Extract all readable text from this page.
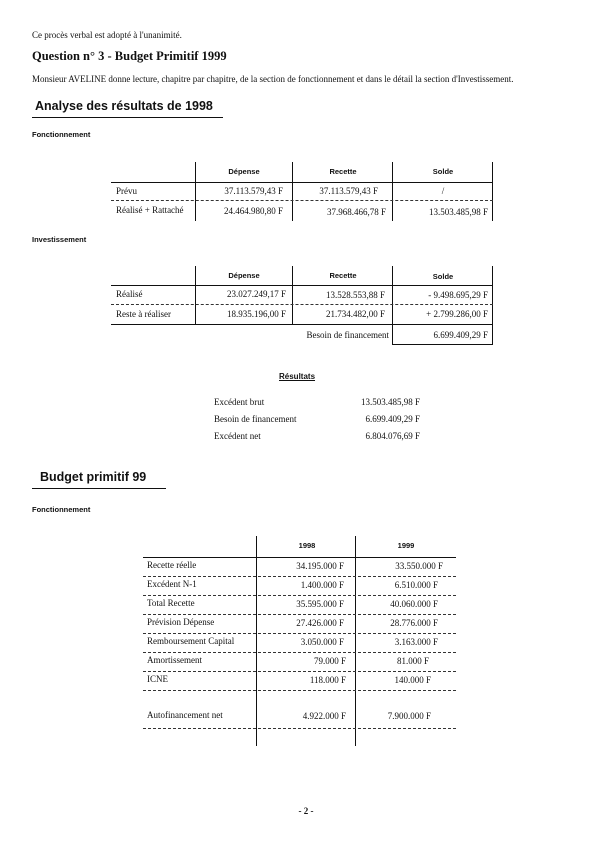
Ce procès verbal est adopté à l'unanimité.
Question n° 3 - Budget Primitif 1999
Monsieur AVELINE donne lecture, chapitre par chapitre, de la section de fonctionnement et dans le détail la section d'Investissement.
Analyse des résultats de 1998
Fonctionnement
Dépense	Recette	Solde
Prévu	37.113.579,43 F	37.113.579,43 F	/
Réalisé + Rattaché	24.464.980,80 F	37.968.466,78 F	13.503.485,98 F
Investissement
Dépense	Recette	Solde
Réalisé	23.027.249,17 F	13.528.553,88 F	- 9.498.695,29 F
Reste à réaliser	18.935.196,00 F	21.734.482,00 F	+ 2.799.286,00 F
Besoin de financement	6.699.409,29 F
Résultats
Excédent brut	13.503.485,98 F
Besoin de financement	6.699.409,29 F
Excédent net	6.804.076,69 F
Budget primitif 99
Fonctionnement
1998	1999
Recette réelle	34.195.000 F	33.550.000 F
Excédent N-1	1.400.000 F	6.510.000 F
Total Recette	35.595.000 F	40.060.000 F
Prévision Dépense	27.426.000 F	28.776.000 F
Remboursement Capital	3.050.000 F	3.163.000 F
Amortissement	79.000 F	81.000 F
ICNE	118.000 F	140.000 F
Autofinancement net	4.922.000 F	7.900.000 F
- 2 -
